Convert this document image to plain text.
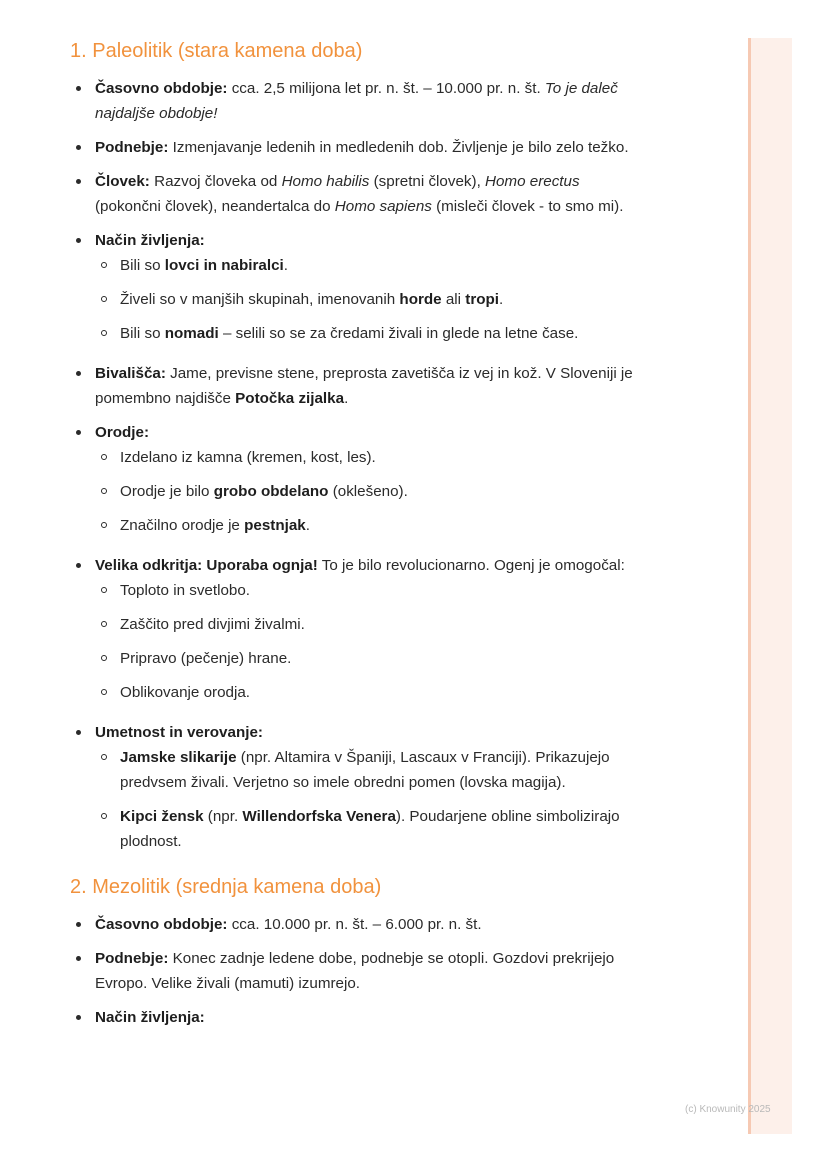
(c) Knowunity 2025
1. Paleolitik (stara kamena doba)
Časovno obdobje: cca. 2,5 milijona let pr. n. št. – 10.000 pr. n. št. To je daleč najdaljše obdobje!
Podnebje: Izmenjavanje ledenih in medledenih dob. Življenje je bilo zelo težko.
Človek: Razvoj človeka od Homo habilis (spretni človek), Homo erectus (pokončni človek), neandertalca do Homo sapiens (mislеči človek - to smo mi).
Način življenja:
Bili so lovci in nabiralci.
Živeli so v manjših skupinah, imenovanih horde ali tropi.
Bili so nomadi – selili so se za čredami živali in glede na letne čase.
Bivališča: Jame, previsne stene, preprosta zavetišča iz vej in kož. V Sloveniji je pomembno najdišče Potočka zijalka.
Orodje:
Izdelano iz kamna (kremen, kost, les).
Orodje je bilo grobo obdelano (oklešeno).
Značilno orodje je pestnjak.
Velika odkritja: Uporaba ognja! To je bilo revolucionarno. Ogenj je omogočal:
Toploto in svetlobo.
Zaščito pred divjimi živalmi.
Pripravo (pečenje) hrane.
Oblikovanje orodja.
Umetnost in verovanje:
Jamske slikarije (npr. Altamira v Španiji, Lascaux v Franciji). Prikazujejo predvsem živali. Verjetno so imele obredni pomen (lovska magija).
Kipci žensk (npr. Willendorfska Venera). Poudarjene obline simbolizirajo plodnost.
2. Mezolitik (srednja kamena doba)
Časovno obdobje: cca. 10.000 pr. n. št. – 6.000 pr. n. št.
Podnebje: Konec zadnje ledene dobe, podnebje se otopli. Gozdovi prekrijejo Evropo. Velike živali (mamuti) izumrejo.
Način življenja:
